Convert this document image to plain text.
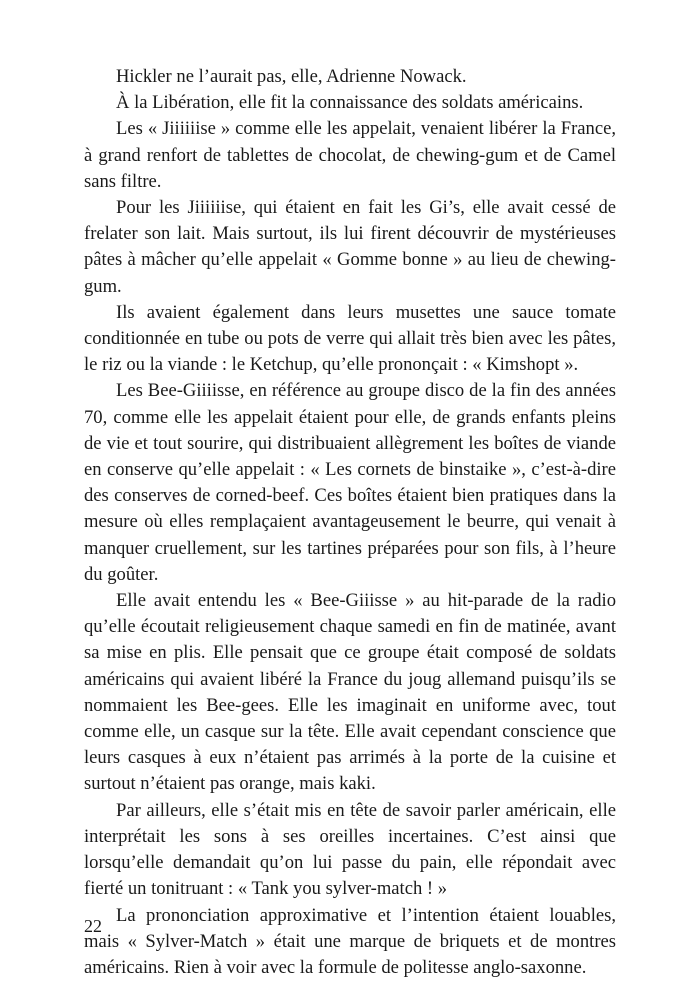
Hickler ne l’aurait pas, elle, Adrienne Nowack.

À la Libération, elle fit la connaissance des soldats américains.

Les « Jiiiiiise » comme elle les appelait, venaient libérer la France, à grand renfort de tablettes de chocolat, de chewing-gum et de Camel sans filtre.

Pour les Jiiiiiise, qui étaient en fait les Gi’s, elle avait cessé de frelater son lait. Mais surtout, ils lui firent découvrir de mystérieuses pâtes à mâcher qu’elle appelait « Gomme bonne » au lieu de chewing-gum.

Ils avaient également dans leurs musettes une sauce tomate conditionnée en tube ou pots de verre qui allait très bien avec les pâtes, le riz ou la viande : le Ketchup, qu’elle prononçait : « Kimshopt ».

Les Bee-Giiiisse, en référence au groupe disco de la fin des années 70, comme elle les appelait étaient pour elle, de grands enfants pleins de vie et tout sourire, qui distribuaient allègrement les boîtes de viande en conserve qu’elle appelait : « Les cornets de binstaike », c’est-à-dire des conserves de corned-beef. Ces boîtes étaient bien pratiques dans la mesure où elles remplaçaient avantageusement le beurre, qui venait à manquer cruellement, sur les tartines préparées pour son fils, à l’heure du goûter.

Elle avait entendu les « Bee-Giiisse » au hit-parade de la radio qu’elle écoutait religieusement chaque samedi en fin de matinée, avant sa mise en plis. Elle pensait que ce groupe était composé de soldats américains qui avaient libéré la France du joug allemand puisqu’ils se nommaient les Bee-gees. Elle les imaginait en uniforme avec, tout comme elle, un casque sur la tête. Elle avait cependant conscience que leurs casques à eux n’étaient pas arrimés à la porte de la cuisine et surtout n’étaient pas orange, mais kaki.

Par ailleurs, elle s’était mis en tête de savoir parler américain, elle interprétait les sons à ses oreilles incertaines. C’est ainsi que lorsqu’elle demandait qu’on lui passe du pain, elle répondait avec fierté un tonitruant : « Tank you sylver-match ! »

La prononciation approximative et l’intention étaient louables, mais « Sylver-Match » était une marque de briquets et de montres américains. Rien à voir avec la formule de politesse anglo-saxonne.

22
